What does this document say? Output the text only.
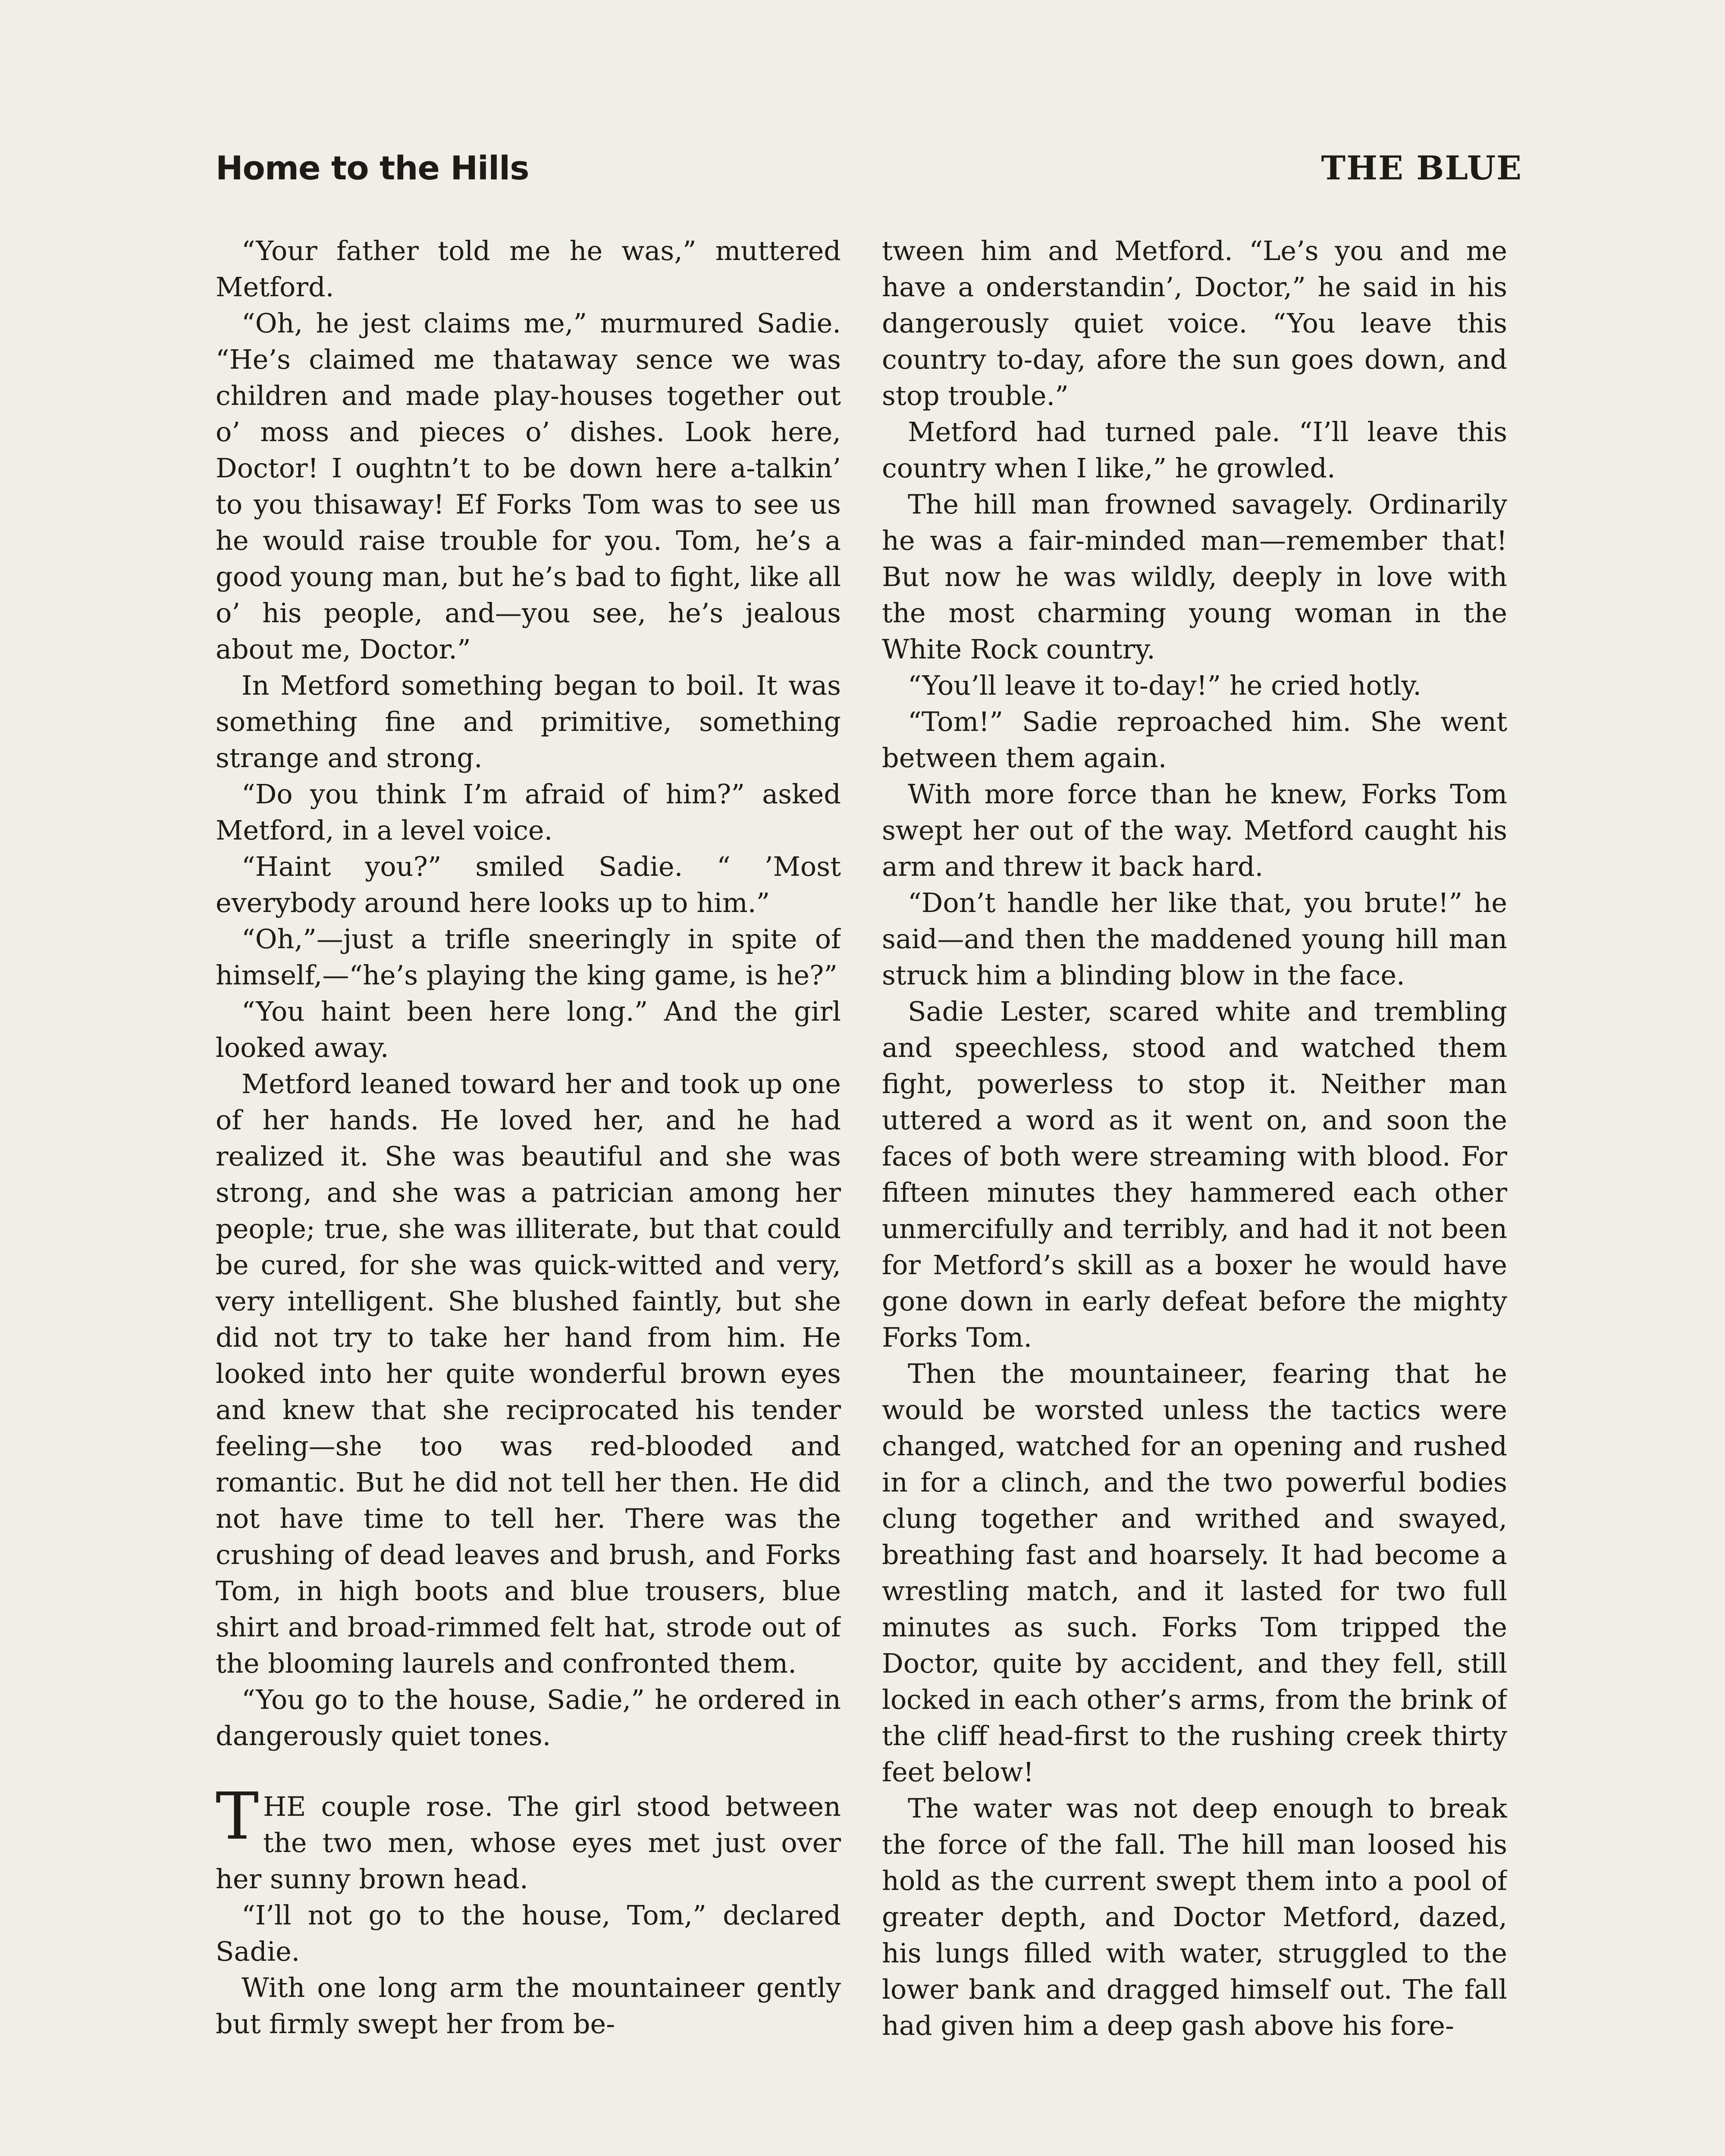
Home to the Hills	THE BLUE

“Your father told me he was,” muttered Metford.

“Oh, he jest claims me,” murmured Sadie. “He’s claimed me thataway sence we was children and made play-houses together out o’ moss and pieces o’ dishes. Look here, Doctor! I oughtn’t to be down here a-talkin’ to you thisaway! Ef Forks Tom was to see us he would raise trouble for you. Tom, he’s a good young man, but he’s bad to fight, like all o’ his people, and—you see, he’s jealous about me, Doctor.”

In Metford something began to boil. It was something fine and primitive, something strange and strong.

“Do you think I’m afraid of him?” asked Metford, in a level voice.

“Haint you?” smiled Sadie. “ ’Most everybody around here looks up to him.”

“Oh,”—just a trifle sneeringly in spite of himself,—“he’s playing the king game, is he?”

“You haint been here long.” And the girl looked away.

Metford leaned toward her and took up one of her hands. He loved her, and he had realized it. She was beautiful and she was strong, and she was a patrician among her people; true, she was illiterate, but that could be cured, for she was quick-witted and very, very intelligent. She blushed faintly, but she did not try to take her hand from him. He looked into her quite wonderful brown eyes and knew that she reciprocated his tender feeling—she too was red-blooded and romantic. But he did not tell her then. He did not have time to tell her. There was the crushing of dead leaves and brush, and Forks Tom, in high boots and blue trousers, blue shirt and broad-rimmed felt hat, strode out of the blooming laurels and confronted them.

“You go to the house, Sadie,” he ordered in dangerously quiet tones.

THE couple rose. The girl stood between the two men, whose eyes met just over her sunny brown head.

“I’ll not go to the house, Tom,” declared Sadie.

With one long arm the mountaineer gently but firmly swept her from be-

tween him and Metford. “Le’s you and me have a onderstandin’, Doctor,” he said in his dangerously quiet voice. “You leave this country to-day, afore the sun goes down, and stop trouble.”

Metford had turned pale. “I’ll leave this country when I like,” he growled.

The hill man frowned savagely. Ordinarily he was a fair-minded man—remember that! But now he was wildly, deeply in love with the most charming young woman in the White Rock country.

“You’ll leave it to-day!” he cried hotly.

“Tom!” Sadie reproached him. She went between them again.

With more force than he knew, Forks Tom swept her out of the way. Metford caught his arm and threw it back hard.

“Don’t handle her like that, you brute!” he said—and then the maddened young hill man struck him a blinding blow in the face.

Sadie Lester, scared white and trembling and speechless, stood and watched them fight, powerless to stop it. Neither man uttered a word as it went on, and soon the faces of both were streaming with blood. For fifteen minutes they hammered each other unmercifully and terribly, and had it not been for Metford’s skill as a boxer he would have gone down in early defeat before the mighty Forks Tom.

Then the mountaineer, fearing that he would be worsted unless the tactics were changed, watched for an opening and rushed in for a clinch, and the two powerful bodies clung together and writhed and swayed, breathing fast and hoarsely. It had become a wrestling match, and it lasted for two full minutes as such. Forks Tom tripped the Doctor, quite by accident, and they fell, still locked in each other’s arms, from the brink of the cliff head-first to the rushing creek thirty feet below!

The water was not deep enough to break the force of the fall. The hill man loosed his hold as the current swept them into a pool of greater depth, and Doctor Metford, dazed, his lungs filled with water, struggled to the lower bank and dragged himself out. The fall had given him a deep gash above his fore-
